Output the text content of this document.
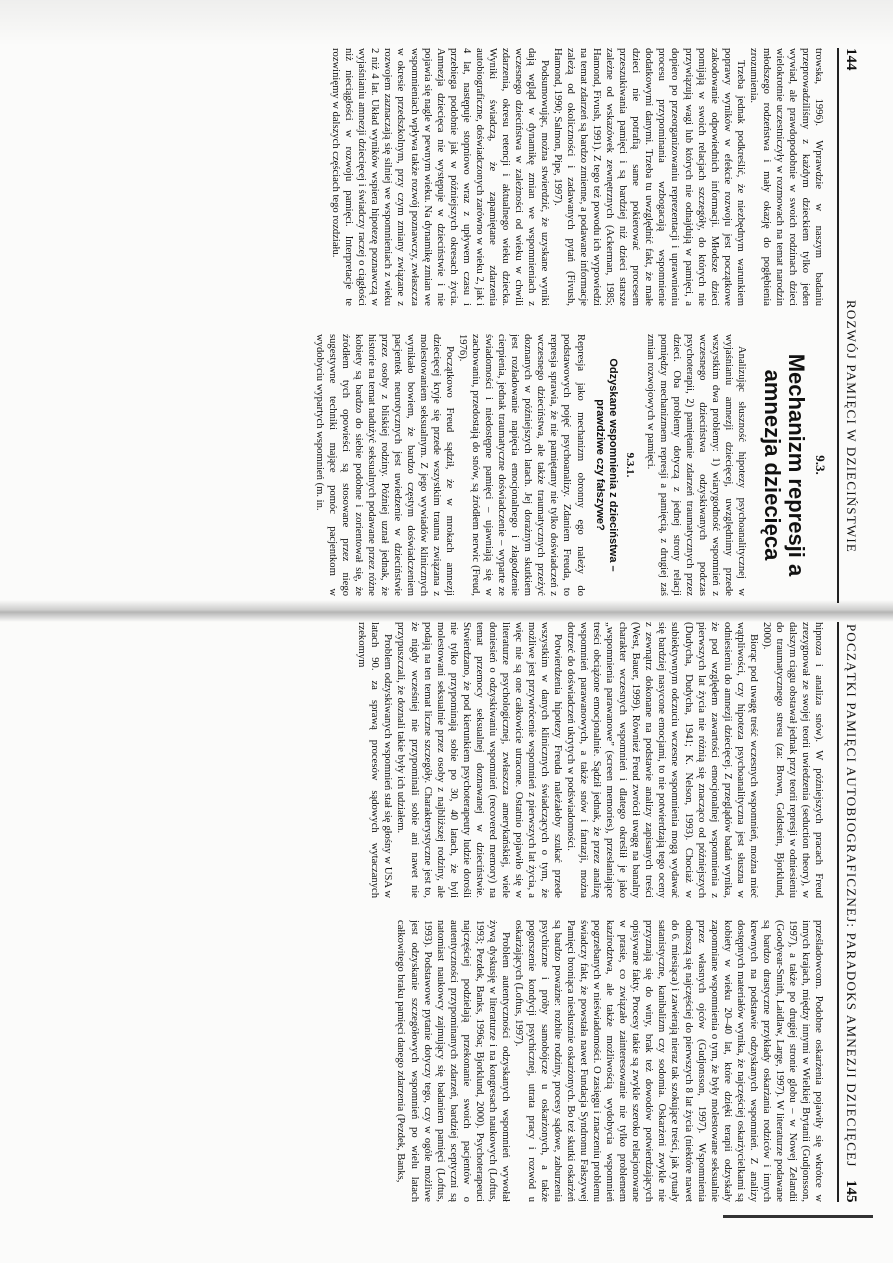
144
ROZWÓJ PAMIĘCI W DZIECIŃSTWIE

trowska, 1996). Wprawdzie w naszym badaniu przeprowadziliśmy z każdym dzieckiem tylko jeden wywiad, ale prawdopodobnie w swoich rodzinach dzieci wielokrotnie uczestniczyły w rozmowach na temat narodzin młodszego rodzeństwa i mały okazję do pogłębienia zrozumienia.

Trzeba jednak podkreślić, że niezbędnym warunkiem poprawy wyników w efekcie rozwoju jest początkowe zakodowanie odpowiednich informacji. Młodsze dzieci pomijają w swoich relacjach szczegóły, do których nie przywiązują wagi lub których nie odnajdują w pamięci, a dopiero po przeorganizowaniu reprezentacji i uprawnieniu procesu przypominania wzbogacają wspomnienie dodatkowymi danymi. Trzeba tu uwzględnić fakt, że małe dzieci nie potrafią same pokierować procesem przeszukiwania pamięci i są bardziej niż dzieci starsze zależne od wskazówek zewnętrznych (Ackerman, 1985; Hamond, Fivush, 1991). Z tego też powodu ich wypowiedzi na temat zdarzeń są bardzo zmienne, a podawane informacje zależą od okoliczności i zadawanych pytań (Fivush, Hamond, 1990; Salmon, Pipe, 1997).

Podsumowując, można stwierdzić, że uzyskane wyniki dają wgląd w dynamikę zmian we wspomnieniach z wczesnego dzieciństwa w zależności od wieku w chwili zdarzenia, okresu retencji i aktualnego wieku dziecka. Wyniki świadczą, że zapamiętane zdarzenia autobiograficzne, doświadczonych zarówno w wieku 2, jak i 4 lat, następuje stopniowo wraz z upływem czasu i przebiega podobnie jak w późniejszych okresach życia. Amnezja dziecięca nie występuje w dzieciństwie i nie pojawia się nagle w pewnym wieku. Na dynamikę zmian we wspomnieniach wpływa także rozwój poznawczy, zwłaszcza w okresie przedszkolnym, przy czym zmiany związane z rozwojem zaznaczają się silniej we wspomnieniach z wieku 2 niż 4 lat. Układ wyników wspiera hipotezę poznawczą w wyjaśnianiu amnezji dziecięcej i świadczy raczej o ciągłości niż nieciągłości w rozwoju pamięci. Interpretacje te rozwinięmy w dalszych częściach tego rozdziału.

9.3.
Mechanizm represji a amnezja dziecięca

Analizując słuszność hipotezy psychoanalitycznej w wyjaśnianiu amnezji dziecięcej, uwzględnimy przede wszystkim dwa problemy: 1) wiarygodność wspomnień z wczesnego dzieciństwa odzyskiwanych podczas psychoterapii, 2) pamiętanie zdarzeń traumatycznych przez dzieci. Oba problemy dotyczą z jednej strony relacji pomiędzy mechanizmem represji a pamięcią, z drugiej zaś zmian rozwojowych w pamięci.

9.3.1.
Odzyskane wspomnienia z dzieciństwa – prawdziwe czy fałszywe?

Represja jako mechanizm obronny ego należy do podstawowych pojęć psychoanalizy. Zdaniem Freuda, to represja sprawia, że nie pamiętamy nie tylko doświadczeń z wczesnego dzieciństwa, ale także traumatycznych przeżyć doznanych w późniejszych latach. Jej dorażnym skutkiem jest rozładowanie napięcia emocjonalnego i złagodzenie cierpienia, jednak traumatyczne doświadczenie – wyparte ze świadomości i niedostępne pamięci – ujawniają się w zachowaniu, przedostają do snów, są źródłem nerwic (Freud, 1976).

Początkowo Freud sądził, że w mrokach amnezji dziecięcej kryje się przede wszystkim trauma związana z molestowaniem seksualnym. Z jego wywiadów klinicznych wynikało bowiem, że bardzo częstym doświadczeniem pacjentek neurotycznych jest uwiedzenie w dzieciństwie przez osoby z bliskiej rodziny. Później uznał jednak, że historie na temat nadużyć seksualnych podawane przez różne kobiety są bardzo do siebie podobne i zorientował się, że źródłem tych opowieści są stosowane przez niego sugestywne techniki mające pomóc pacjentkom w wydobyciu wypartych wspomnień (m. in.

POCZĄTKI PAMIĘCI AUTOBIOGRAFICZNEJ: PARADOKS AMNEZJI DZIECIĘCEJ
145

hipnoza i analiza snów). W późniejszych pracach Freud zrezygnował ze swojej teorii uwiedzenia (seduction theory), w dalszym ciągu obstawał jednak przy teorii represji w odniesieniu do traumatycznego stresu (za: Brown, Goldstein, Bjorklund, 2000).

Biorąc pod uwagę treść wczesnych wspomnień, można mieć wątpliwości, czy hipoteza psychoanalityczna jest słuszna w odniesieniu do amnezji dziecięcej. Z przeglądów badań wynika, że pod względem zawartości emocjonalnej wspomnienia z pierwszych lat życia nie różnią się znacząco od późniejszych (Dudycha, Dudycha, 1941; K. Nelson, 1993). Chociaż w subiektywnym odczuciu wczesne wspomnienia mogą wydawać się bardziej nasycone emocjami, to nie potwierdzają tego oceny z zewnątrz dokonane na podstawie analizy zapisanych treści (West, Bauer, 1999). Również Freud zwrócił uwagę na banalny charakter wczesnych wspomnień i dlatego określił je jako „wspomnienia parawanowe” (screen memories), przesłaniające treści obciążone emocjonalnie. Sądził jednak, że przez analizę wspomnień parawanowych, a także snów i fantazji, można dotrzeć do doświadczeń ukrytych w podświadomości.

Potwierdzenia hipotezy Freuda należałoby szukać przede wszystkim w danych klinicznych świadczących o tym, że możliwe jest przywrócenie wspomnień z pierwszych lat życia, a więc nie są one całkowicie utracone. Ostatnio pojawiło się w literaturze psychologicznej, zwłaszcza amerykańskiej, wiele doniesień o odzyskiwaniu wspomnień (recovered memory) na temat przemocy seksualnej doznawanej w dzieciństwie. Stwierdzano, że pod kierunkiem psychoterapeuty ludzie dorośli nie tylko przypominają sobie po 30, 40 latach, że byli molestowani seksualnie przez osoby z najbliższej rodziny, ale podają na ten temat liczne szczegóły. Charakterystyczne jest to, że nigdy wcześniej nie przypominali sobie ani nawet nie przypuszczali, że doznali takie były ich udziałem.

Problem odzyskiwanych wspomnień stał się głośny w USA w latach 90. za sprawą procesów sądowych wytaczanych rzekomym

prześladowcom. Podobne oskarżenia pojawiły się wkrótce w innych krajach, między innymi w Wielkiej Brytanii (Gudjonsson, 1997), a także po drugiej stronie globu – w Nowej Zelandii (Goodyear-Smith, Laidlaw, Large, 1997). W literaturze podawane są bardzo drastyczne przykłady oskarżania rodziców i innych krewnych na podstawie odzyskanych wspomnień. Z analizy dostępnych materiałów wynika, że najczęściej oskarżycielkami są kobiety w wieku 20–40 lat, które dzięki terapii odzyskały zapomniane wspomnienia o tym, że były molestowane seksualnie przez własnych ojców (Gudjonsson, 1997). Wspomnienia odnoszą się najczęściej do pierwszych 8 lat życia (niektóre nawet do 6. miesiąca) i zawierają nieraz tak szokujące treści, jak rytuały satanistyczne, kanibalizm czy sodomia. Oskarżeni zwykle nie przyznają się do winy, brak też dowodów potwierdzających opisywane fakty. Procesy takie są zwykle szeroko relacjonowane w prasie, co związało zainteresowanie nie tylko problemem kazirodztwa, ale także możliwością wydobycia wspomnień pogrzebanych w nieświadomości. O zasięgu i znaczeniu problemu świadczy fakt, że powstała nawet Fundacja Syndromu Fałszywej Pamięci broniąca niesłusznie oskarżonych. Bo też skutki oskarżeń są bardzo poważne: rozbite rodziny, procesy sądowe, zaburzenia psychiczne i próby samobójcze u oskarżonych, a także pogorszenie kondycji psychicznej, utrata pracy i rozwód u oskarżających (Loftus, 1997).

Problem autentyczności odzyskanych wspomnień wywołał żywą dyskusję w literaturze i na kongresach naukowych (Loftus, 1993; Pezdek, Banks, 1996a; Bjorklund, 2000). Psychoterapeuci najczęściej podzielają przekonanie swoich pacjentów o autentyczności przypominanych zdarzeń, bardziej sceptyczni są natomiast naukowcy zajmujący się badaniem pamięci (Loftus, 1993). Podstawowe pytanie dotyczy tego, czy w ogóle możliwe jest odzyskanie szczegółowych wspomnień po wielu latach całkowitego braku pamięci danego zdarzenia (Pezdek, Banks,
